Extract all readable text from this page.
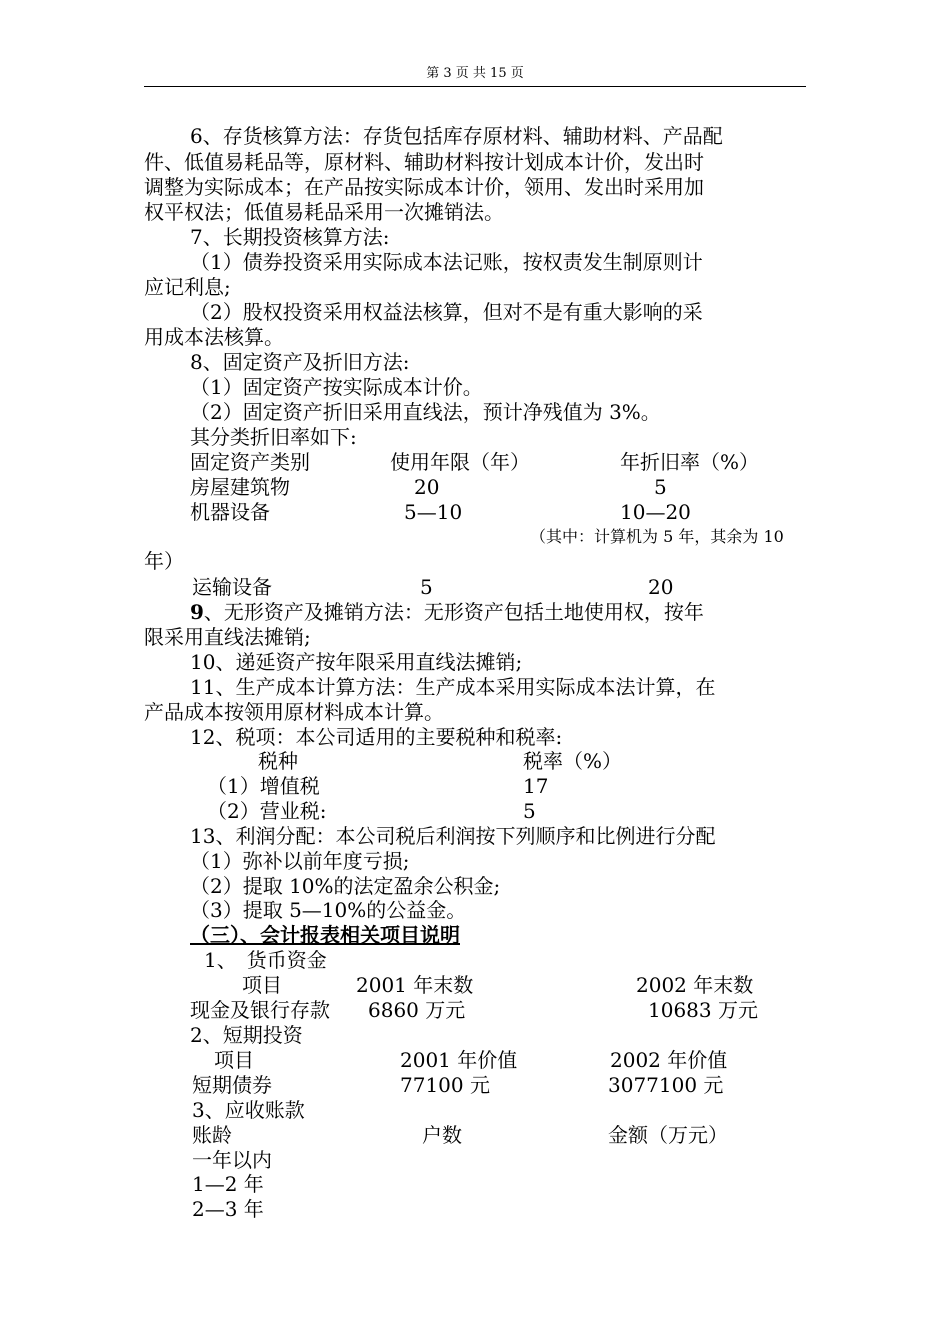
第 3 页 共 15 页
6、存货核算方法：存货包括库存原材料、辅助材料、产品配
件、低值易耗品等，原材料、辅助材料按计划成本计价，发出时
调整为实际成本；在产品按实际成本计价，领用、发出时采用加
权平权法；低值易耗品采用一次摊销法。
7、长期投资核算方法:
（1）债券投资采用实际成本法记账，按权责发生制原则计
应记利息;
（2）股权投资采用权益法核算，但对不是有重大影响的采
用成本法核算。
8、固定资产及折旧方法:
（1）固定资产按实际成本计价。
（2）固定资产折旧采用直线法，预计净残值为 3%。
其分类折旧率如下:
固定资产类别	使用年限（年）	年折旧率（%）
房屋建筑物	20	5
机器设备	5—10	10—20
（其中：计算机为 5 年，其余为 10
年）
运输设备	5	20
9、无形资产及摊销方法：无形资产包括土地使用权，按年
限采用直线法摊销;
10、递延资产按年限采用直线法摊销;
11、生产成本计算方法：生产成本采用实际成本法计算，在
产品成本按领用原材料成本计算。
12、税项：本公司适用的主要税种和税率:
税种	税率（%）
（1）增值税	17
（2）营业税:	5
13、利润分配：本公司税后利润按下列顺序和比例进行分配
（1）弥补以前年度亏损;
（2）提取 10%的法定盈余公积金;
（3）提取 5—10%的公益金。
（三）、会计报表相关项目说明
1、　货币资金
项目	2001 年末数	2002 年末数
现金及银行存款 6860 万元	10683 万元
2、短期投资
项目	2001 年价值	2002 年价值
短期债券	77100 元	3077100 元
3、应收账款
账龄	户数	金额（万元）
一年以内
1—2 年
2—3 年
